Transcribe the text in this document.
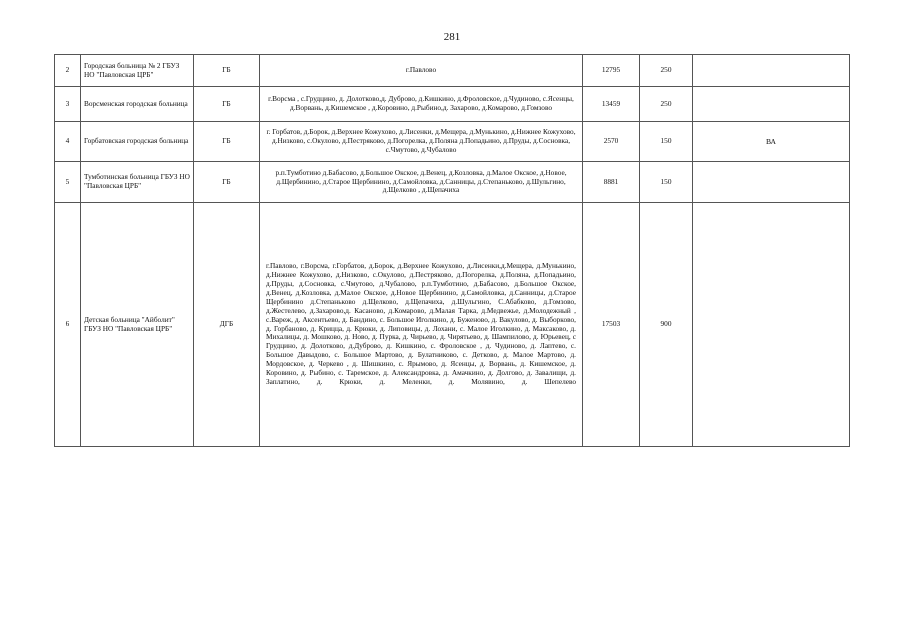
281
2	Городская больница № 2 ГБУЗ НО "Павловская ЦРБ"	ГБ	г.Павлово	12795	250	
3	Ворсменская городская больница	ГБ	г.Ворсма , с.Грудцино, д. Долотково,д. Дуброво, д.Кишкино, д.Фроловское, д.Чудиново, с.Ясенцы, д.Ворвань, д.Кишемское , д.Коровино, д.Рыбино,д. Захарово, д.Комарово, д.Гомзово	13459	250	
4	Горбатовская городская больница	ГБ	г. Горбатов, д.Борок, д.Верхнее Кожухово, д.Лисенки, д.Мещера, д.Мунькино, д.Нижнее Кожухово, д.Низково, с.Окулово, д.Пестряково, д.Погорелка, д.Поляна д.Попадьино, д.Пруды, д.Сосновка, с.Чмутово, д.Чубалово	2570	150	ВА
5	Тумботинская больница ГБУЗ НО "Павловская ЦРБ"	ГБ	р.п.Тумботино д.Бабасово, д.Большое Окское, д.Венец, д.Козловка, д.Малое Окское, д.Новое, д.Щербинино, д.Старое Щербинино, д.Самойловка, д.Санницы, д.Степаньково, д.Шульгино, д.Щелково , д.Щепачиха	8881	150	
6	Детская больница "Айболит" ГБУЗ НО "Павловская ЦРБ"	ДГБ	г.Павлово, г.Ворсма, г.Горбатов, д.Борок, д.Верхнее Кожухово, д.Лисенки,д.Мещера, д.Мунькино, д.Нижнее Кожухово, д.Низково, с.Окулово, д.Пестряково, д.Погорелка, д.Поляна, д.Попадьино, д.Пруды, д.Сосновка, с.Чмутово, д.Чубалово, р.п.Тумботино, д.Бабасово, д.Большое Окское, д.Венец, д.Козловка, д.Малое Окское, д.Новое Щербинино, д.Самойловка, д.Санницы, д.Старое Щербинино д.Степаньково д.Щелково, д.Щепачиха, д.Шульгино, С.Абабково, д.Гомзово, д.Жестелево, д.Захарово,д. Касаново, д.Комарово, д.Малая Тарка, д.Медвежье, д.Молодежный , с.Вареж, д. Аксентьево, д. Бандино, с. Большое Иголкино, д. Буженово, д. Вакулово, д. Выборково, д. Горбаново, д. Крицца, д. Крюки, д. Липовицы, д. Лохани, с. Малое Иголкино, д. Максаково, д. Михалицы, д. Мошково, д. Ново, д. Пурка, д. Чирьево, д. Чирятьево, д. Шампилово, д. Юрьевец, с Грудцино, д. Долотково, д.Дуброво, д. Кишкино, с. Фроловское , д. Чудиново, д. Лаптево, с. Большое Давыдово, с. Большое Мартово, д. Булатниково, с. Детково, д. Малое Мартово, д. Мордовское, д. Черкево , д. Шишкино, с. Ярымово, д. Ясенцы, д. Ворвань, д. Кишемское, д. Коровино, д. Рыбино, с. Таремское, д. Александровка, д. Амачкино, д. Долгово, д. Завалищи, д. Заплатино, д. Крюки, д. Меленки, д. Молявино, д. Шепелево	17503	900	
